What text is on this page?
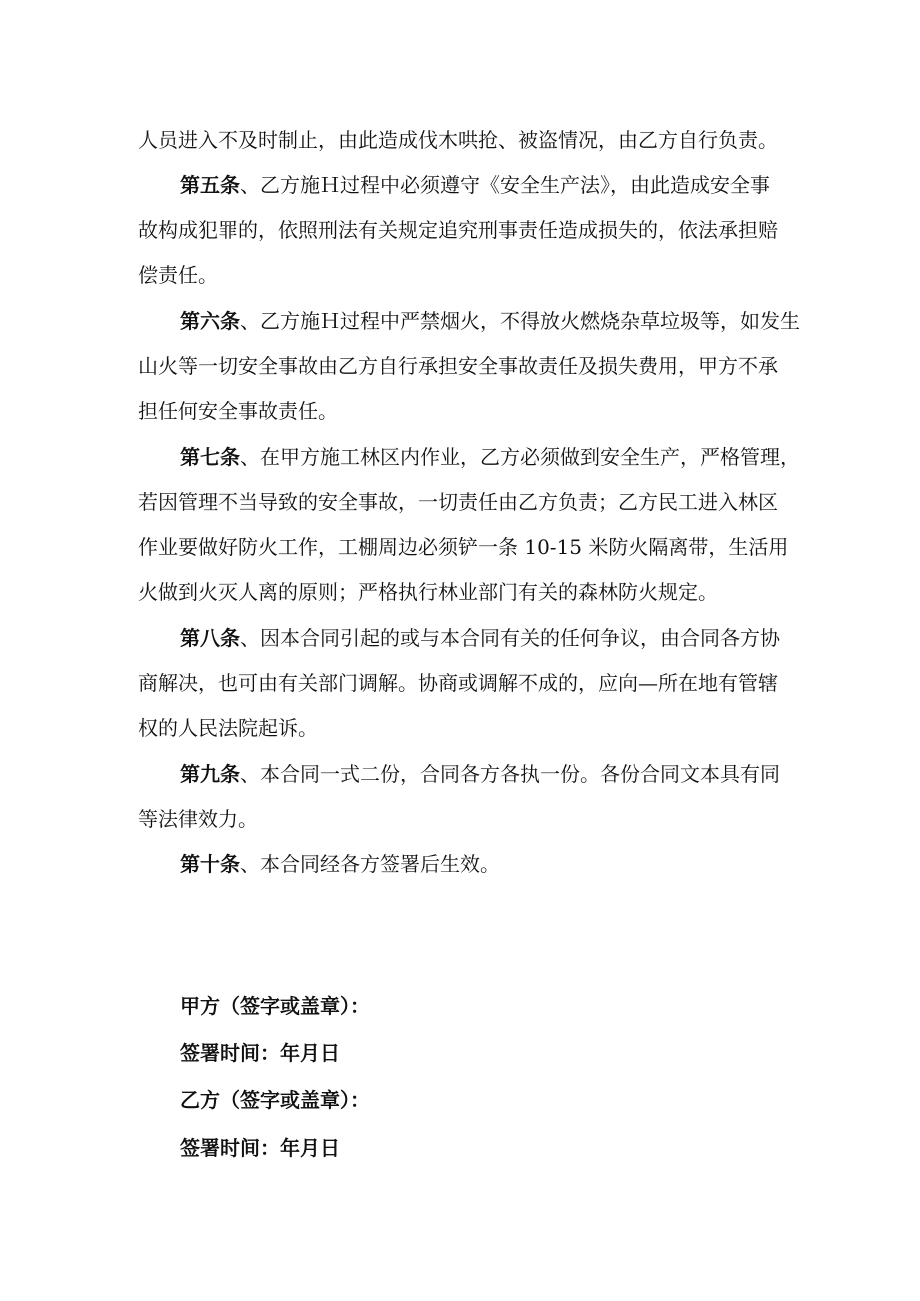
人员进入不及时制止，由此造成伐木哄抢、被盗情况，由乙方自行负责。
第五条、乙方施Ｈ过程中必须遵守《安全生产法》，由此造成安全事
故构成犯罪的，依照刑法有关规定追究刑事责任造成损失的，依法承担赔
偿责任。
第六条、乙方施Ｈ过程中严禁烟火，不得放火燃烧杂草垃圾等，如发生
山火等一切安全事故由乙方自行承担安全事故责任及损失费用，甲方不承
担任何安全事故责任。
第七条、在甲方施工林区内作业，乙方必须做到安全生产，严格管理，
若因管理不当导致的安全事故，一切责任由乙方负责；乙方民工进入林区
作业要做好防火工作，工棚周边必须铲一条 10-15 米防火隔离带，生活用
火做到火灭人离的原则；严格执行林业部门有关的森林防火规定。
第八条、因本合同引起的或与本合同有关的任何争议，由合同各方协
商解决，也可由有关部门调解。协商或调解不成的，应向—所在地有管辖
权的人民法院起诉。
第九条、本合同一式二份，合同各方各执一份。各份合同文本具有同
等法律效力。
第十条、本合同经各方签署后生效。
甲方（签字或盖章）：
签署时间：年月日
乙方（签字或盖章）：
签署时间：年月日
